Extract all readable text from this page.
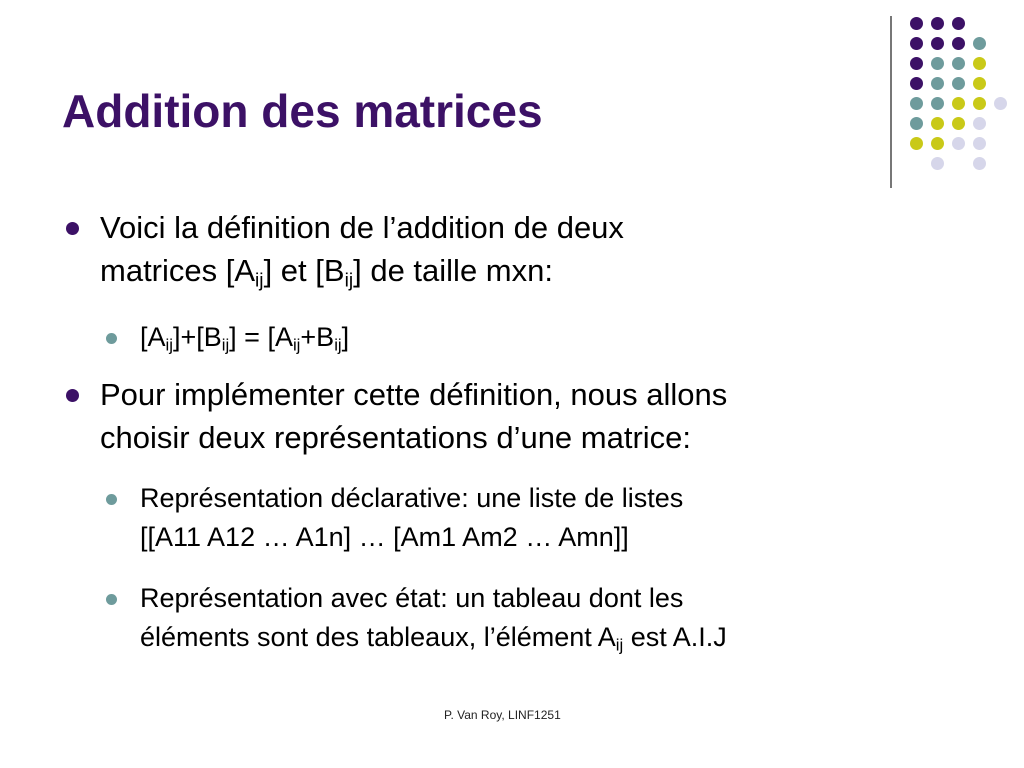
Addition des matrices
Voici la définition de l’addition de deux
matrices $[A_{ij}]$ et $[B_{ij}]$ de taille mxn:
$[A_{ij}]+[B_{ij}] = [A_{ij}+B_{ij}]$
Pour implémenter cette définition, nous allons
choisir deux représentations d’une matrice:
Représentation déclarative: une liste de listes
[[A11 A12 … A1n] … [Am1 Am2 … Amn]]
Représentation avec état: un tableau dont les
éléments sont des tableaux, l’élément $A_{ij}$ est A.I.J
P. Van Roy, LINF1251
